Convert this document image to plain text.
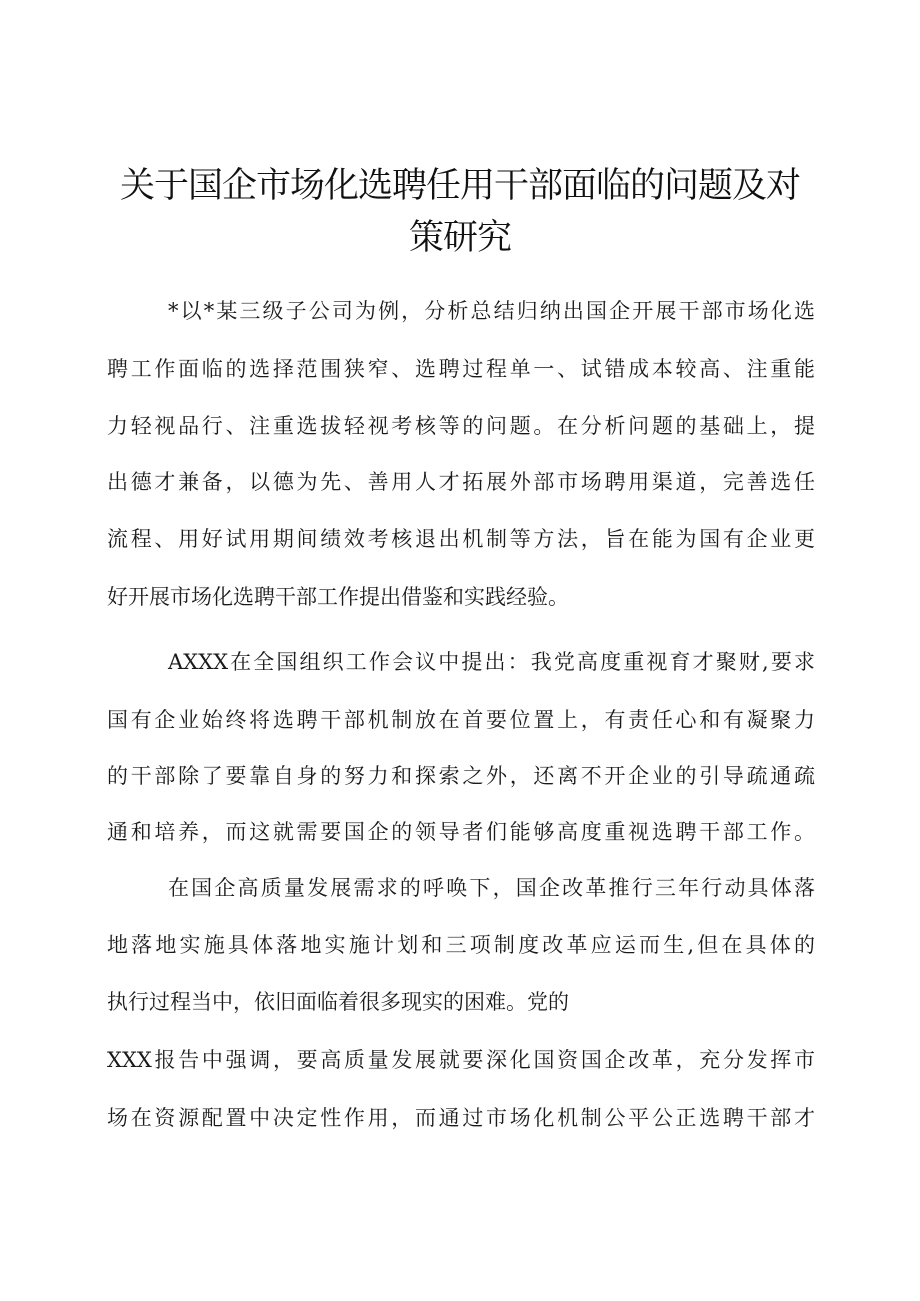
关于国企市场化选聘任用干部面临的问题及对
策研究
*以*某三级子公司为例，分析总结归纳出国企开展干部市场化选
聘工作面临的选择范围狭窄、选聘过程单一、试错成本较高、注重能
力轻视品行、注重选拔轻视考核等的问题。在分析问题的基础上，提
出德才兼备，以德为先、善用人才拓展外部市场聘用渠道，完善选任
流程、用好试用期间绩效考核退出机制等方法，旨在能为国有企业更
好开展市场化选聘干部工作提出借鉴和实践经验。
AXXX在全国组织工作会议中提出：我党高度重视育才聚财,要求
国有企业始终将选聘干部机制放在首要位置上，有责任心和有凝聚力
的干部除了要靠自身的努力和探索之外，还离不开企业的引导疏通疏
通和培养，而这就需要国企的领导者们能够高度重视选聘干部工作。
在国企高质量发展需求的呼唤下，国企改革推行三年行动具体落
地落地实施具体落地实施计划和三项制度改革应运而生,但在具体的
执行过程当中，依旧面临着很多现实的困难。党的
XXX报告中强调，要高质量发展就要深化国资国企改革，充分发挥市
场在资源配置中决定性作用，而通过市场化机制公平公正选聘干部才
